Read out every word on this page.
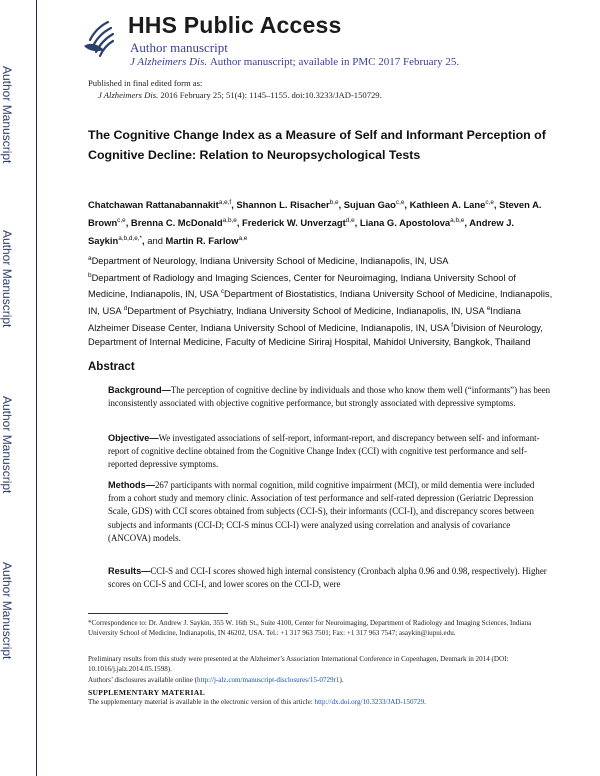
Author Manuscript
Author Manuscript
Author Manuscript
Author Manuscript
HHS Public Access
Author manuscript
J Alzheimers Dis. Author manuscript; available in PMC 2017 February 25.
Published in final edited form as:
J Alzheimers Dis. 2016 February 25; 51(4): 1145–1155. doi:10.3233/JAD-150729.
The Cognitive Change Index as a Measure of Self and Informant Perception of Cognitive Decline: Relation to Neuropsychological Tests
Chatchawan Rattanabannakit$^{a,e,f}$, Shannon L. Risacher$^{b,e}$, Sujuan Gao$^{c,e}$, Kathleen A. Lane$^{c,e}$, Steven A. Brown$^{c,e}$, Brenna C. McDonald$^{a,b,e}$, Frederick W. Unverzagt$^{d,e}$, Liana G. Apostolova$^{a,b,e}$, Andrew J. Saykin$^{a,b,d,e,*}$, and Martin R. Farlow$^{a,e}$
$^a$Department of Neurology, Indiana University School of Medicine, Indianapolis, IN, USA
$^b$Department of Radiology and Imaging Sciences, Center for Neuroimaging, Indiana University School of Medicine, Indianapolis, IN, USA $^c$Department of Biostatistics, Indiana University School of Medicine, Indianapolis, IN, USA $^d$Department of Psychiatry, Indiana University School of Medicine, Indianapolis, IN, USA $^e$Indiana Alzheimer Disease Center, Indiana University School of Medicine, Indianapolis, IN, USA $^f$Division of Neurology, Department of Internal Medicine, Faculty of Medicine Siriraj Hospital, Mahidol University, Bangkok, Thailand
Abstract
Background—The perception of cognitive decline by individuals and those who know them well (“informants”) has been inconsistently associated with objective cognitive performance, but strongly associated with depressive symptoms.
Objective—We investigated associations of self-report, informant-report, and discrepancy between self- and informant-report of cognitive decline obtained from the Cognitive Change Index (CCI) with cognitive test performance and self-reported depressive symptoms.
Methods—267 participants with normal cognition, mild cognitive impairment (MCI), or mild dementia were included from a cohort study and memory clinic. Association of test performance and self-rated depression (Geriatric Depression Scale, GDS) with CCI scores obtained from subjects (CCI-S), their informants (CCI-I), and discrepancy scores between subjects and informants (CCI-D; CCI-S minus CCI-I) were analyzed using correlation and analysis of covariance (ANCOVA) models.
Results—CCI-S and CCI-I scores showed high internal consistency (Cronbach alpha 0.96 and 0.98, respectively). Higher scores on CCI-S and CCI-I, and lower scores on the CCI-D, were
*Correspondence to: Dr. Andrew J. Saykin, 355 W. 16th St., Suite 4100, Center for Neuroimaging, Department of Radiology and Imaging Sciences, Indiana University School of Medicine, Indianapolis, IN 46202, USA. Tel.: +1 317 963 7501; Fax: +1 317 963 7547; asaykin@iupui.edu.
Preliminary results from this study were presented at the Alzheimer’s Association International Conference in Copenhagen, Denmark in 2014 (DOI: 10.1016/j.jalz.2014.05.1598).
Authors’ disclosures available online (http://j-alz.com/manuscript-disclosures/15-0729r1).
SUPPLEMENTARY MATERIAL
The supplementary material is available in the electronic version of this article: http://dx.doi.org/10.3233/JAD-150729.
